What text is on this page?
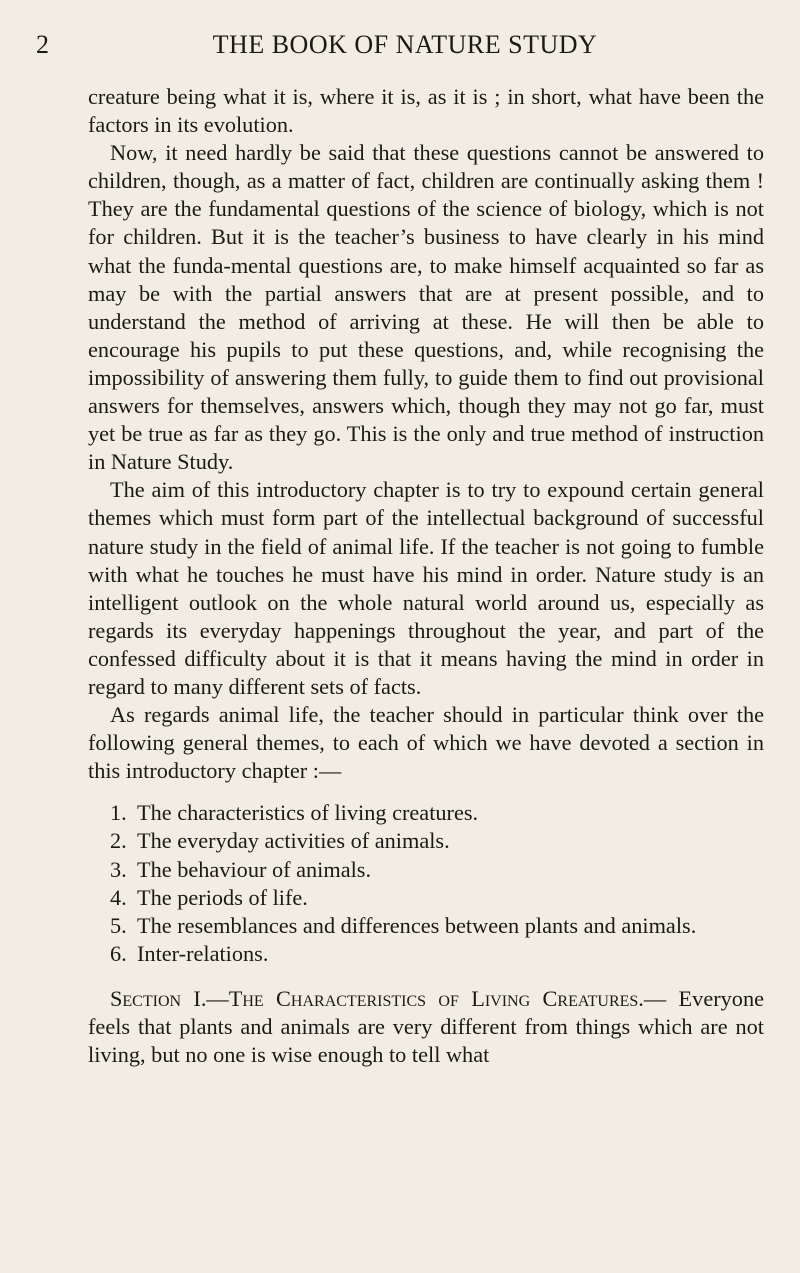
2	THE BOOK OF NATURE STUDY

creature being what it is, where it is, as it is ; in short, what have been the factors in its evolution.

Now, it need hardly be said that these questions cannot be answered to children, though, as a matter of fact, children are continually asking them ! They are the fundamental questions of the science of biology, which is not for children. But it is the teacher’s business to have clearly in his mind what the funda-mental questions are, to make himself acquainted so far as may be with the partial answers that are at present possible, and to understand the method of arriving at these. He will then be able to encourage his pupils to put these questions, and, while recognising the impossibility of answering them fully, to guide them to find out provisional answers for themselves, answers which, though they may not go far, must yet be true as far as they go. This is the only and true method of instruction in Nature Study.

The aim of this introductory chapter is to try to expound certain general themes which must form part of the intellectual background of successful nature study in the field of animal life. If the teacher is not going to fumble with what he touches he must have his mind in order. Nature study is an intelligent outlook on the whole natural world around us, especially as regards its everyday happenings throughout the year, and part of the confessed difficulty about it is that it means having the mind in order in regard to many different sets of facts.

As regards animal life, the teacher should in particular think over the following general themes, to each of which we have devoted a section in this introductory chapter :—

1. The characteristics of living creatures.
2. The everyday activities of animals.
3. The behaviour of animals.
4. The periods of life.
5. The resemblances and differences between plants and animals.
6. Inter-relations.

Section I.—The Characteristics of Living Creatures.— Everyone feels that plants and animals are very different from things which are not living, but no one is wise enough to tell what
